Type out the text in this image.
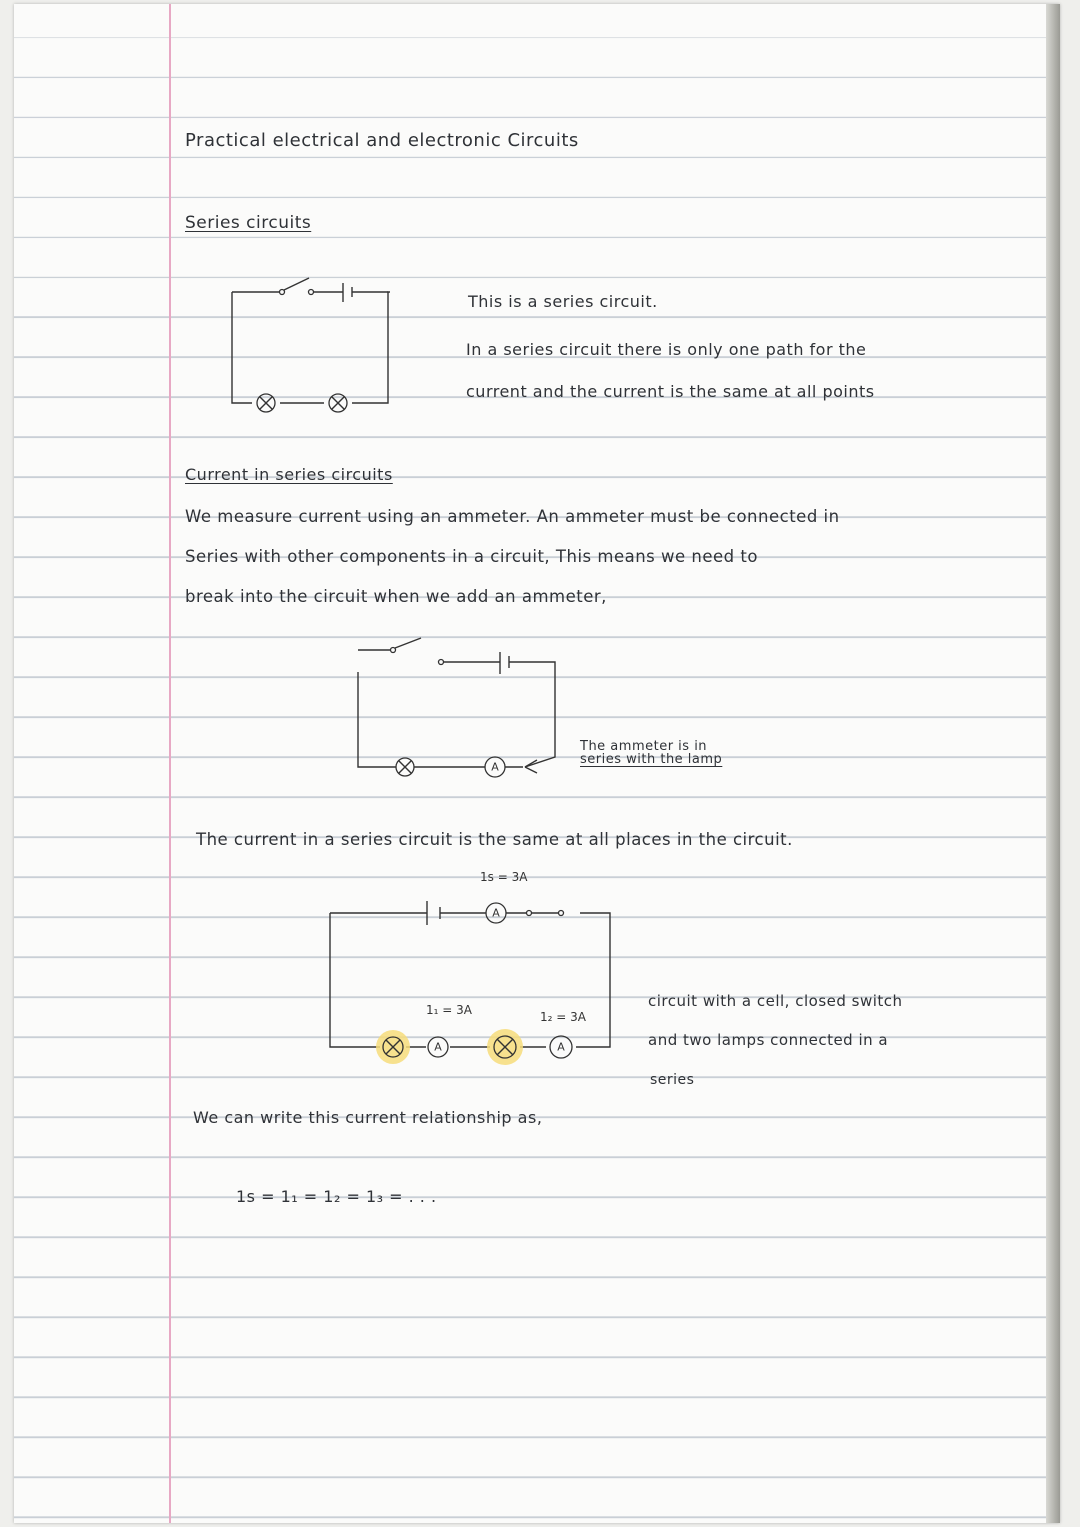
Practical electrical and electronic Circuits
Series circuits
This is a series circuit.
In a series circuit there is only one path for the
current and the current is the same at all points
Current in series circuits
We measure current using an ammeter. An ammeter must be connected in
Series with other components in a circuit, This means we need to
break into the circuit when we add an ammeter,
A
The ammeter is in
series with the lamp
The current in a series circuit is the same at all places in the circuit.
A
A	A
1s = 3A
1₁ = 3A	1₂ = 3A
circuit with a cell, closed switch
and two lamps connected in a
series
We can write this current relationship as,
1s = 1₁ = 1₂ = 1₃ = . . .
